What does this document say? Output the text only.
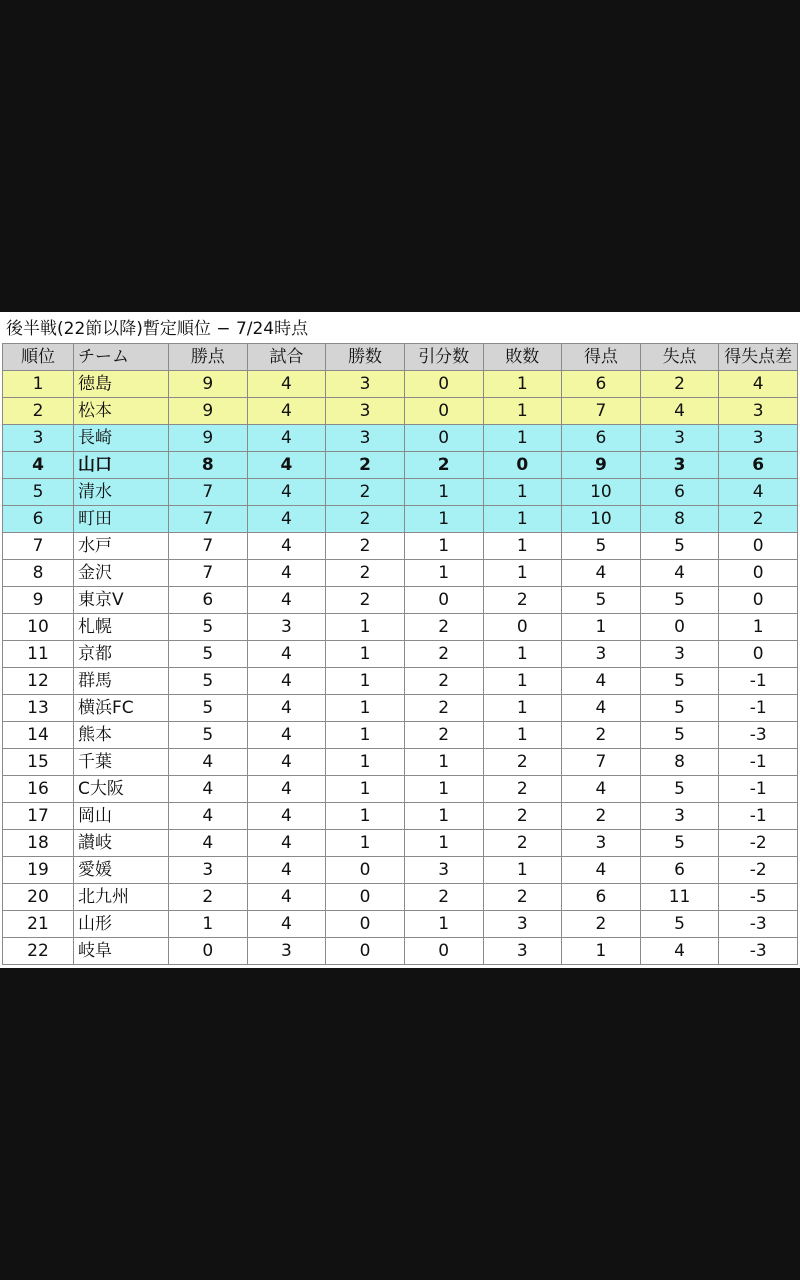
後半戦(22節以降)暫定順位 − 7/24時点
順位	チーム	勝点	試合	勝数	引分数	敗数	得点	失点	得失点差
1	徳島	9	4	3	0	1	6	2	4
2	松本	9	4	3	0	1	7	4	3
3	長崎	9	4	3	0	1	6	3	3
4	山口	8	4	2	2	0	9	3	6
5	清水	7	4	2	1	1	10	6	4
6	町田	7	4	2	1	1	10	8	2
7	水戸	7	4	2	1	1	5	5	0
8	金沢	7	4	2	1	1	4	4	0
9	東京V	6	4	2	0	2	5	5	0
10	札幌	5	3	1	2	0	1	0	1
11	京都	5	4	1	2	1	3	3	0
12	群馬	5	4	1	2	1	4	5	-1
13	横浜FC	5	4	1	2	1	4	5	-1
14	熊本	5	4	1	2	1	2	5	-3
15	千葉	4	4	1	1	2	7	8	-1
16	C大阪	4	4	1	1	2	4	5	-1
17	岡山	4	4	1	1	2	2	3	-1
18	讃岐	4	4	1	1	2	3	5	-2
19	愛媛	3	4	0	3	1	4	6	-2
20	北九州	2	4	0	2	2	6	11	-5
21	山形	1	4	0	1	3	2	5	-3
22	岐阜	0	3	0	0	3	1	4	-3
